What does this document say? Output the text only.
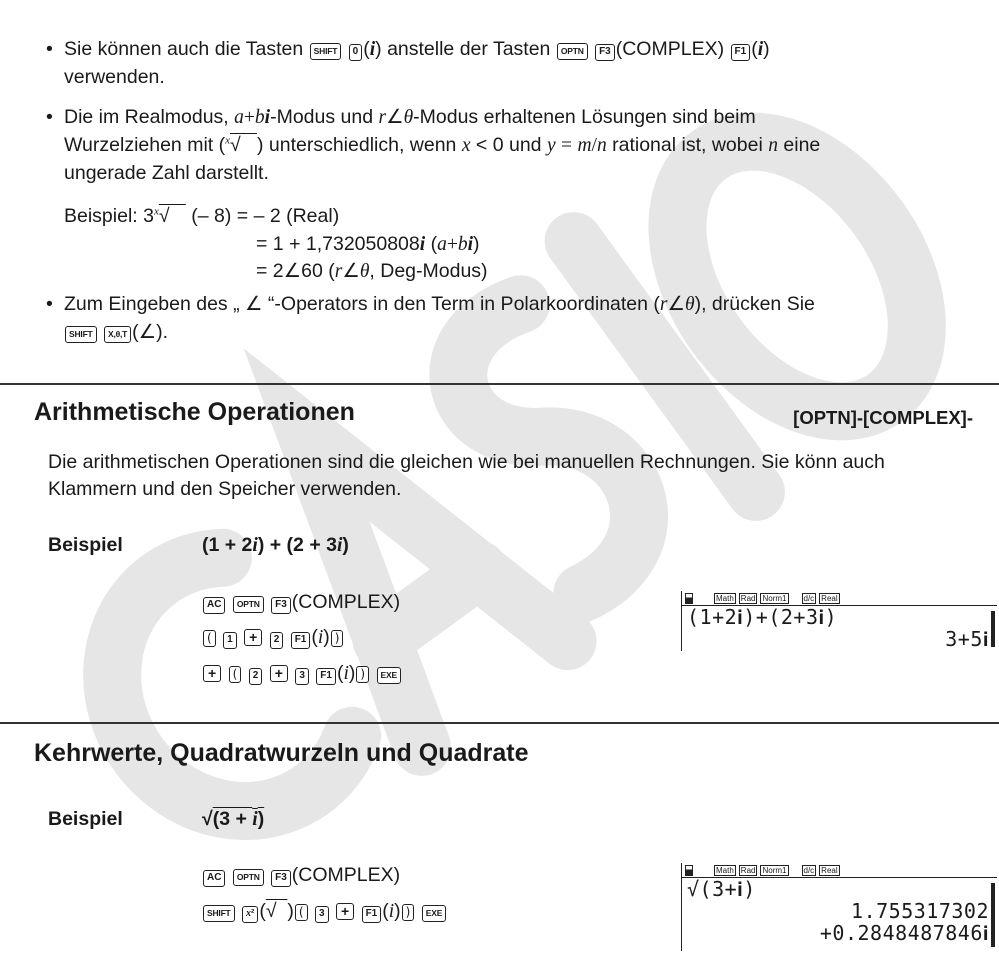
• Sie können auch die Tasten SHIFT 0 (i) anstelle der Tasten OPTN F3 (COMPLEX) F1 (i)
verwenden.
• Die im Realmodus, a+bi-Modus und r∠θ-Modus erhaltenen Lösungen sind beim
Wurzelziehen mit ($^x$√   ) unterschiedlich, wenn x < 0 und y = m/n rational ist, wobei n eine
ungerade Zahl darstellt.
Beispiel: 3$^x$√    (– 8) = – 2 (Real)
= 1 + 1,732050808i (a+bi)
= 2∠60 (r∠θ, Deg-Modus)
• Zum Eingeben des „ ∠ “-Operators in den Term in Polarkoordinaten (r∠θ), drücken Sie
SHIFT X,θ,T (∠).
Arithmetische Operationen	[OPTN]-[COMPLEX]-
Die arithmetischen Operationen sind die gleichen wie bei manuellen Rechnungen. Sie könn auch Klammern und den Speicher verwenden.
Beispiel	(1 + 2i) + (2 + 3i)
AC OPTN F3 (COMPLEX)
( 1 + 2 F1 (i) )
+ ( 2 + 3 F1 (i) ) EXE
Math Rad Norm1 d/c Real
(1+2𝐢)+(2+3𝐢)
3+5𝐢
Kehrwerte, Quadratwurzeln und Quadrate
Beispiel	√(3 + i)
AC OPTN F3 (COMPLEX)
SHIFT x² (√  ) ( 3 + F1 (i) ) EXE
Math Rad Norm1 d/c Real
√(3+𝐢)
1.755317302
+0.2848487846𝐢
